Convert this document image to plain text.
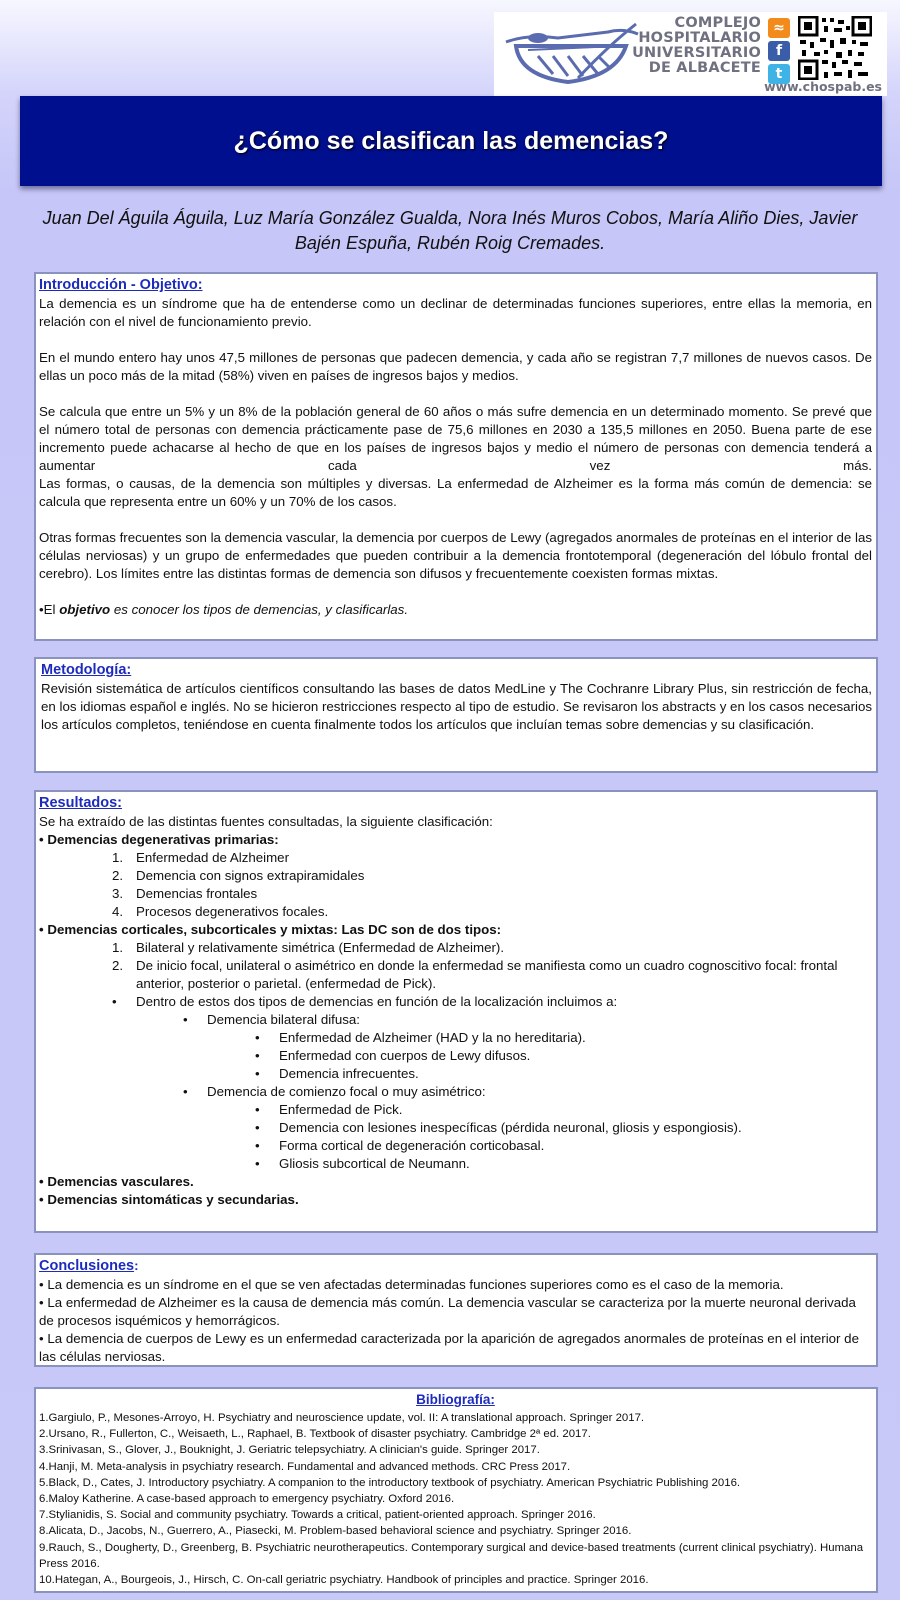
COMPLEJO
HOSPITALARIO
UNIVERSITARIO
DE ALBACETE
≈
f
t
www.chospab.es
¿Cómo se clasifican las demencias?
Juan Del Águila Águila, Luz María González Gualda, Nora Inés Muros Cobos, María Aliño Dies, Javier Bajén Espuña, Rubén Roig Cremades.
Introducción - Objetivo:

La demencia es un síndrome que ha de entenderse como un declinar de determinadas funciones superiores, entre ellas la memoria, en relación con el nivel de funcionamiento previo.

En el mundo entero hay unos 47,5 millones de personas que padecen demencia, y cada año se registran 7,7 millones de nuevos casos. De ellas un poco más de la mitad (58%) viven en países de ingresos bajos y medios.

Se calcula que entre un 5% y un 8% de la población general de 60 años o más sufre demencia en un determinado momento. Se prevé que el número total de personas con demencia prácticamente pase de 75,6 millones en 2030 a 135,5 millones en 2050. Buena parte de ese incremento puede achacarse al hecho de que en los países de ingresos bajos y medio el número de personas con demencia tenderá a aumentar cada vez más.

Las formas, o causas, de la demencia son múltiples y diversas. La enfermedad de Alzheimer es la forma más común de demencia: se calcula que representa entre un 60% y un 70% de los casos.

Otras formas frecuentes son la demencia vascular, la demencia por cuerpos de Lewy (agregados anormales de proteínas en el interior de las células nerviosas) y un grupo de enfermedades que pueden contribuir a la demencia frontotemporal (degeneración del lóbulo frontal del cerebro). Los límites entre las distintas formas de demencia son difusos y frecuentemente coexisten formas mixtas.

•El objetivo es conocer los tipos de demencias, y clasificarlas.

Metodología:

Revisión sistemática de artículos científicos consultando las bases de datos MedLine y The Cochranre Library Plus, sin restricción de fecha, en los idiomas español e inglés. No se hicieron restricciones respecto al tipo de estudio. Se revisaron los abstracts y en los casos necesarios los artículos completos, teniéndose en cuenta finalmente todos los artículos que incluían temas sobre demencias y su clasificación.

Resultados:

Se ha extraído de las distintas fuentes consultadas, la siguiente clasificación:

• Demencias degenerativas primarias:

1. Enfermedad de Alzheimer
2. Demencia con signos extrapiramidales
3. Demencias frontales
4. Procesos degenerativos focales.

• Demencias corticales, subcorticales y mixtas: Las DC son de dos tipos:

1. Bilateral y relativamente simétrica (Enfermedad de Alzheimer).
2. De inicio focal, unilateral o asimétrico en donde la enfermedad se manifiesta como un cuadro cognoscitivo focal: frontal anterior, posterior o parietal. (enfermedad de Pick).
• Dentro de estos dos tipos de demencias en función de la localización incluimos a:
• Demencia bilateral difusa:
• Enfermedad de Alzheimer (HAD y la no hereditaria).
• Enfermedad con cuerpos de Lewy difusos.
• Demencia infrecuentes.
• Demencia de comienzo focal o muy asimétrico:
• Enfermedad de Pick.
• Demencia con lesiones inespecíficas (pérdida neuronal, gliosis y espongiosis).
• Forma cortical de degeneración corticobasal.
• Gliosis subcortical de Neumann.

• Demencias vasculares.

• Demencias sintomáticas y secundarias.

Conclusiones:

• La demencia es un síndrome en el que se ven afectadas determinadas funciones superiores como es el caso de la memoria.

• La enfermedad de Alzheimer es la causa de demencia más común. La demencia vascular se caracteriza por la muerte neuronal derivada de procesos isquémicos y hemorrágicos.

• La demencia de cuerpos de Lewy es un enfermedad caracterizada por la aparición de agregados anormales de proteínas en el interior de las células nerviosas.

Bibliografía:

1.Gargiulo, P., Mesones-Arroyo, H. Psychiatry and neuroscience update, vol. II: A translational approach. Springer 2017.

2.Ursano, R., Fullerton, C., Weisaeth, L., Raphael, B. Textbook of disaster psychiatry. Cambridge 2ª ed. 2017.

3.Srinivasan, S., Glover, J., Bouknight, J. Geriatric telepsychiatry. A clinician's guide. Springer 2017.

4.Hanji, M. Meta-analysis in psychiatry research. Fundamental and advanced methods. CRC Press 2017.

5.Black, D., Cates, J. Introductory psychiatry. A companion to the introductory textbook of psychiatry. American Psychiatric Publishing 2016.

6.Maloy Katherine. A case-based approach to emergency psychiatry. Oxford 2016.

7.Stylianidis, S. Social and community psychiatry. Towards a critical, patient-oriented approach. Springer 2016.

8.Alicata, D., Jacobs, N., Guerrero, A., Piasecki, M. Problem-based behavioral science and psychiatry. Springer 2016.

9.Rauch, S., Dougherty, D., Greenberg, B. Psychiatric neurotherapeutics. Contemporary surgical and device-based treatments (current clinical psychiatry). Humana Press 2016.

10.Hategan, A., Bourgeois, J., Hirsch, C. On-call geriatric psychiatry. Handbook of principles and practice. Springer 2016.
